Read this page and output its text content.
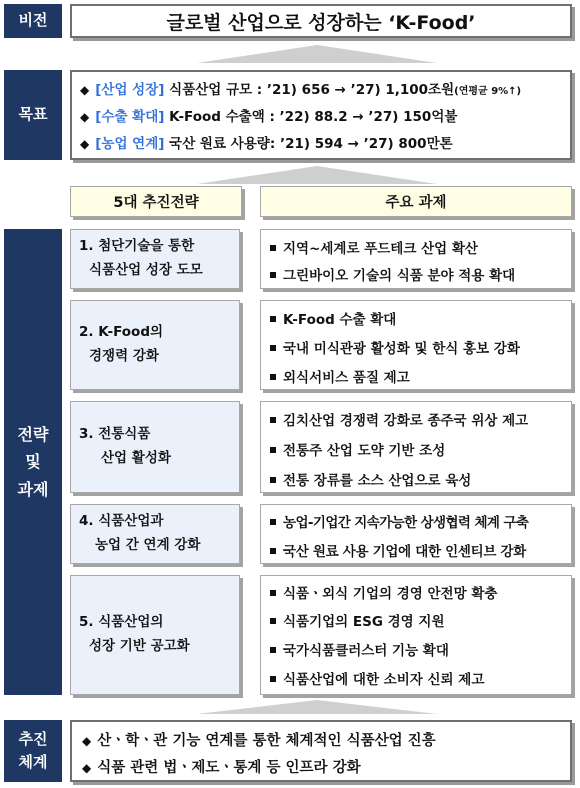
비전	글로벌 산업으로 성장하는 ‘K-Food’
목표
◆ [산업 성장] 식품산업 규모 : ’21) 656 → ’27) 1,100조원(연평균 9%↑)
◆ [수출 확대] K-Food 수출액 : ’22) 88.2 → ’27) 150억불
◆ [농업 연계] 국산 원료 사용량: ’21) 594 → ’27) 800만톤
5대 추진전략	주요 과제
전략
및
과제
1. 첨단기술을 통한
식품산업 성장 도모
지역~세계로 푸드테크 산업 확산
그린바이오 기술의 식품 분야 적용 확대
2. K-Food의
경쟁력 강화
K-Food 수출 확대
국내 미식관광 활성화 및 한식 홍보 강화
외식서비스 품질 제고
3. 전통식품
산업 활성화
김치산업 경쟁력 강화로 종주국 위상 제고
전통주 산업 도약 기반 조성
전통 장류를 소스 산업으로 육성
4. 식품산업과
농업 간 연계 강화
농업-기업간 지속가능한 상생협력 체계 구축
국산 원료 사용 기업에 대한 인센티브 강화
5. 식품산업의
성장 기반 공고화
식품ㆍ외식 기업의 경영 안전망 확충
식품기업의 ESG 경영 지원
국가식품클러스터 기능 확대
식품산업에 대한 소비자 신뢰 제고
추진
체계
◆ 산ㆍ학ㆍ관 기능 연계를 통한 체계적인 식품산업 진흥
◆ 식품 관련 법ㆍ제도ㆍ통계 등 인프라 강화
